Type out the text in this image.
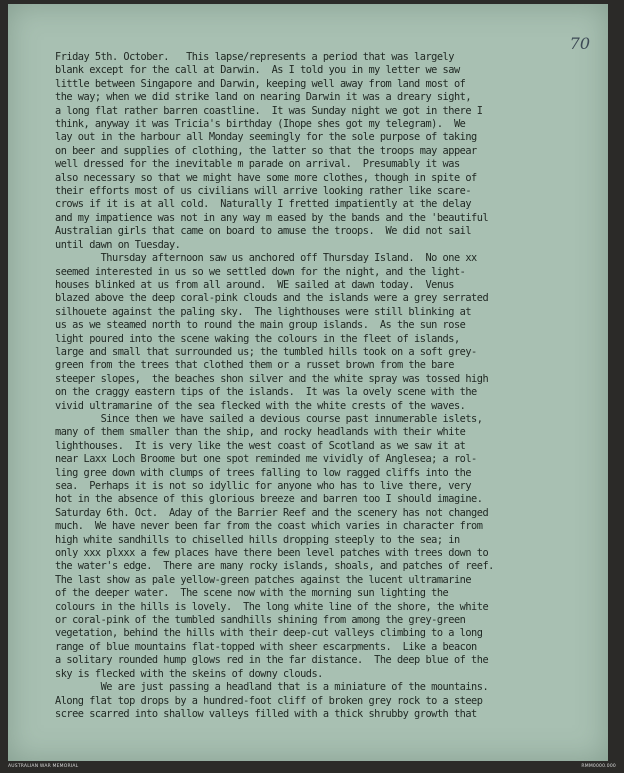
70

Friday 5th. October.   This lapse/represents a period that was largely

blank except for the call at Darwin.  As I told you in my letter we saw

little between Singapore and Darwin, keeping well away from land most of

the way; when we did strike land on nearing Darwin it was a dreary sight,

a long flat rather barren coastline.  It was Sunday night we got in there I

think, anyway it was Tricia's birthday (Ihope shes got my telegram).  We

lay out in the harbour all Monday seemingly for the sole purpose of taking

on beer and supplies of clothing, the latter so that the troops may appear

well dressed for the inevitable m parade on arrival.  Presumably it was

also necessary so that we might have some more clothes, though in spite of

their efforts most of us civilians will arrive looking rather like scare-

crows if it is at all cold.  Naturally I fretted impatiently at the delay

and my impatience was not in any way m eased by the bands and the 'beautiful

Australian girls that came on board to amuse the troops.  We did not sail

until dawn on Tuesday.

Thursday afternoon saw us anchored off Thursday Island.  No one xx

seemed interested in us so we settled down for the night, and the light-

houses blinked at us from all around.  WE sailed at dawn today.  Venus

blazed above the deep coral-pink clouds and the islands were a grey serrated

silhouete against the paling sky.  The lighthouses were still blinking at

us as we steamed north to round the main group islands.  As the sun rose

light poured into the scene waking the colours in the fleet of islands,

large and small that surrounded us; the tumbled hills took on a soft grey-

green from the trees that clothed them or a russet brown from the bare

steeper slopes,  the beaches shon silver and the white spray was tossed high

on the craggy eastern tips of the islands.  It was la ovely scene with the

vivid ultramarine of the sea flecked with the white crests of the waves.

Since then we have sailed a devious course past innumerable islets,

many of them smaller than the ship, and rocky headlands with their white

lighthouses.  It is very like the west coast of Scotland as we saw it at

near Laxx Loch Broome but one spot reminded me vividly of Anglesea; a rol-

ling gree down with clumps of trees falling to low ragged cliffs into the

sea.  Perhaps it is not so idyllic for anyone who has to live there, very

hot in the absence of this glorious breeze and barren too I should imagine.

Saturday 6th. Oct.  Aday of the Barrier Reef and the scenery has not changed

much.  We have never been far from the coast which varies in character from

high white sandhills to chiselled hills dropping steeply to the sea; in

only xxx plxxx a few places have there been level patches with trees down to

the water's edge.  There are many rocky islands, shoals, and patches of reef.

The last show as pale yellow-green patches against the lucent ultramarine

of the deeper water.  The scene now with the morning sun lighting the

colours in the hills is lovely.  The long white line of the shore, the white

or coral-pink of the tumbled sandhills shining from among the grey-green

vegetation, behind the hills with their deep-cut valleys climbing to a long

range of blue mountains flat-topped with sheer escarpments.  Like a beacon

a solitary rounded hump glows red in the far distance.  The deep blue of the

sky is flecked with the skeins of downy clouds.

We are just passing a headland that is a miniature of the mountains.

Along flat top drops by a hundred-foot cliff of broken grey rock to a steep

scree scarred into shallow valleys filled with a thick shrubby growth that

AUSTRALIAN WAR MEMORIAL	RMM0000.000
